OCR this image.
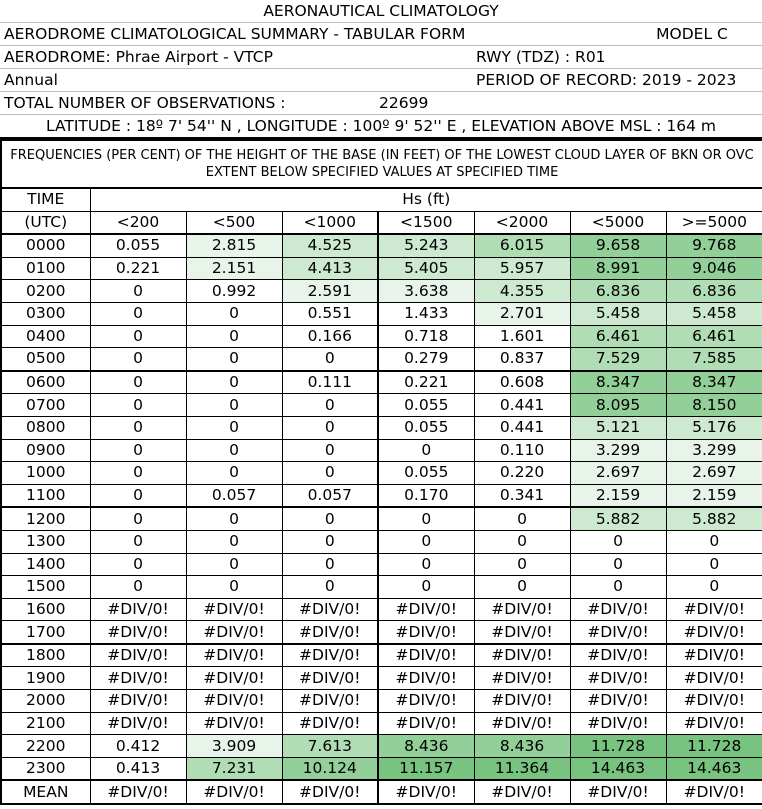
AERONAUTICAL CLIMATOLOGY			
AERODROME CLIMATOLOGICAL SUMMARY - TABULAR FORM			MODEL C
AERODROME: Phrae Airport - VTCP		RWY (TDZ) : R01	
Annual		PERIOD OF RECORD: 2019 - 2023	
TOTAL NUMBER OF OBSERVATIONS :	22699		
LATITUDE : 18º 7' 54'' N , LONGITUDE : 100º 9' 52'' E , ELEVATION ABOVE MSL : 164 m			
FREQUENCIES (PER CENT) OF THE HEIGHT OF THE BASE (IN FEET) OF THE LOWEST CLOUD LAYER OF BKN OR OVC EXTENT BELOW SPECIFIED VALUES AT SPECIFIED TIME							
TIME	Hs (ft)						
(UTC)	<200	<500	<1000	<1500	<2000	<5000	>=5000
0000	0.055	2.815	4.525	5.243	6.015	9.658	9.768
0100	0.221	2.151	4.413	5.405	5.957	8.991	9.046
0200	0	0.992	2.591	3.638	4.355	6.836	6.836
0300	0	0	0.551	1.433	2.701	5.458	5.458
0400	0	0	0.166	0.718	1.601	6.461	6.461
0500	0	0	0	0.279	0.837	7.529	7.585
0600	0	0	0.111	0.221	0.608	8.347	8.347
0700	0	0	0	0.055	0.441	8.095	8.150
0800	0	0	0	0.055	0.441	5.121	5.176
0900	0	0	0	0	0.110	3.299	3.299
1000	0	0	0	0.055	0.220	2.697	2.697
1100	0	0.057	0.057	0.170	0.341	2.159	2.159
1200	0	0	0	0	0	5.882	5.882
1300	0	0	0	0	0	0	0
1400	0	0	0	0	0	0	0
1500	0	0	0	0	0	0	0
1600	#DIV/0!	#DIV/0!	#DIV/0!	#DIV/0!	#DIV/0!	#DIV/0!	#DIV/0!
1700	#DIV/0!	#DIV/0!	#DIV/0!	#DIV/0!	#DIV/0!	#DIV/0!	#DIV/0!
1800	#DIV/0!	#DIV/0!	#DIV/0!	#DIV/0!	#DIV/0!	#DIV/0!	#DIV/0!
1900	#DIV/0!	#DIV/0!	#DIV/0!	#DIV/0!	#DIV/0!	#DIV/0!	#DIV/0!
2000	#DIV/0!	#DIV/0!	#DIV/0!	#DIV/0!	#DIV/0!	#DIV/0!	#DIV/0!
2100	#DIV/0!	#DIV/0!	#DIV/0!	#DIV/0!	#DIV/0!	#DIV/0!	#DIV/0!
2200	0.412	3.909	7.613	8.436	8.436	11.728	11.728
2300	0.413	7.231	10.124	11.157	11.364	14.463	14.463
MEAN	#DIV/0!	#DIV/0!	#DIV/0!	#DIV/0!	#DIV/0!	#DIV/0!	#DIV/0!
